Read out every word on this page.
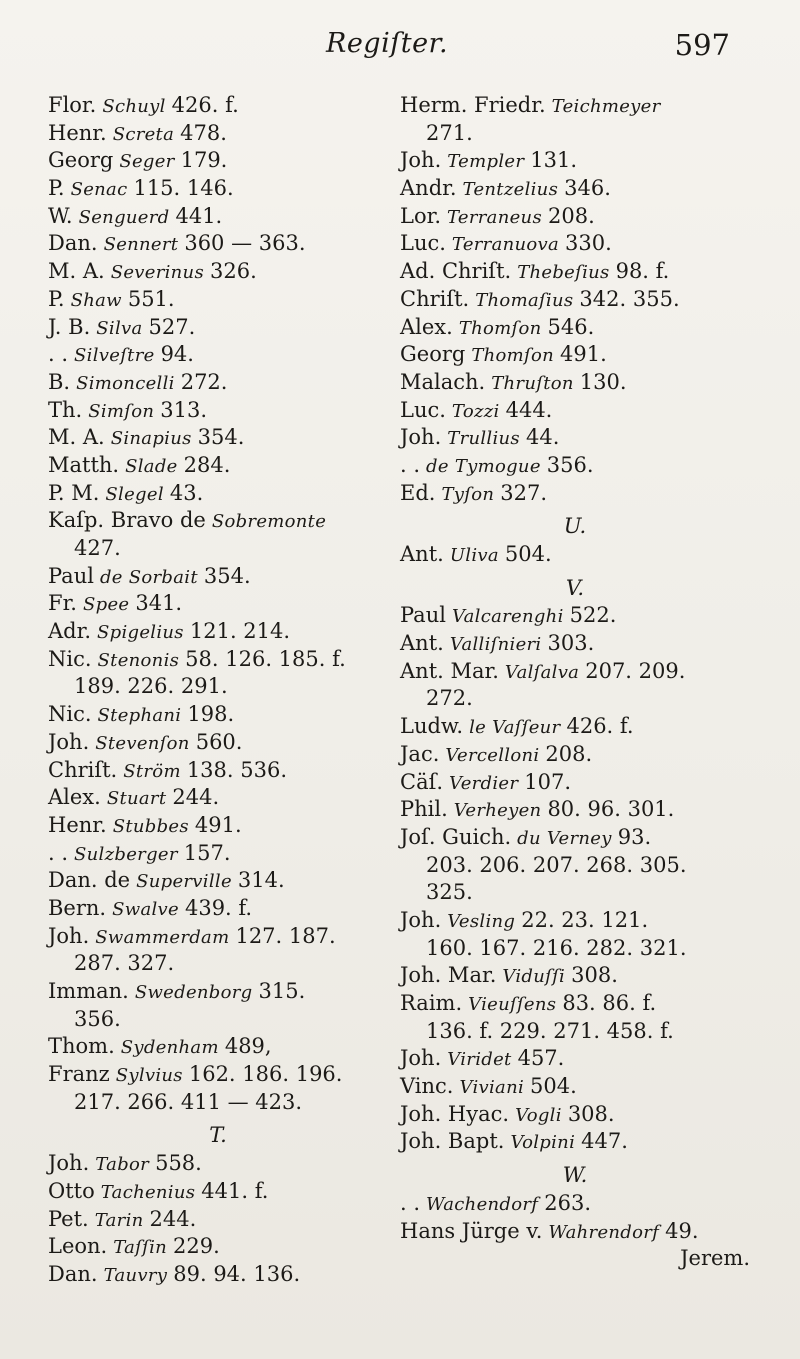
Regiſter.	597
Flor. Schuyl 426. f.
Henr. Screta 478.
Georg Seger 179.
P. Senac 115. 146.
W. Senguerd 441.
Dan. Sennert 360 — 363.
M. A. Severinus 326.
P. Shaw 551.
J. B. Silva 527.
. . Silveſtre 94.
B. Simoncelli 272.
Th. Simſon 313.
M. A. Sinapius 354.
Matth. Slade 284.
P. M. Slegel 43.
Kaſp. Bravo de Sobremonte
427.
Paul de Sorbait 354.
Fr. Spee 341.
Adr. Spigelius 121. 214.
Nic. Stenonis 58. 126. 185. f.
189. 226. 291.
Nic. Stephani 198.
Joh. Stevenſon 560.
Chriſt. Ström 138. 536.
Alex. Stuart 244.
Henr. Stubbes 491.
. . Sulzberger 157.
Dan. de Superville 314.
Bern. Swalve 439. f.
Joh. Swammerdam 127. 187.
287. 327.
Imman. Swedenborg 315.
356.
Thom. Sydenham 489,
Franz Sylvius 162. 186. 196.
217. 266. 411 — 423.
T.
Joh. Tabor 558.
Otto Tachenius 441. f.
Pet. Tarin 244.
Leon. Taſſin 229.
Dan. Tauvry 89. 94. 136.
Herm. Friedr. Teichmeyer
271.
Joh. Templer 131.
Andr. Tentzelius 346.
Lor. Terraneus 208.
Luc. Terranuova 330.
Ad. Chriſt. Thebeſius 98. f.
Chriſt. Thomaſius 342. 355.
Alex. Thomſon 546.
Georg Thomſon 491.
Malach. Thruſton 130.
Luc. Tozzi 444.
Joh. Trullius 44.
. . de Tymogue 356.
Ed. Tyſon 327.
U.
Ant. Uliva 504.
V.
Paul Valcarenghi 522.
Ant. Valliſnieri 303.
Ant. Mar. Valſalva 207. 209.
272.
Ludw. le Vaſſeur 426. f.
Jac. Vercelloni 208.
Cäſ. Verdier 107.
Phil. Verheyen 80. 96. 301.
Joſ. Guich. du Verney 93.
203. 206. 207. 268. 305.
325.
Joh. Vesling 22. 23. 121.
160. 167. 216. 282. 321.
Joh. Mar. Viduſſi 308.
Raim. Vieuſſens 83. 86. f.
136. f. 229. 271. 458. f.
Joh. Viridet 457.
Vinc. Viviani 504.
Joh. Hyac. Vogli 308.
Joh. Bapt. Volpini 447.
W.
. . Wachendorf 263.
Hans Jürge v. Wahrendorf 49.
Jerem.
